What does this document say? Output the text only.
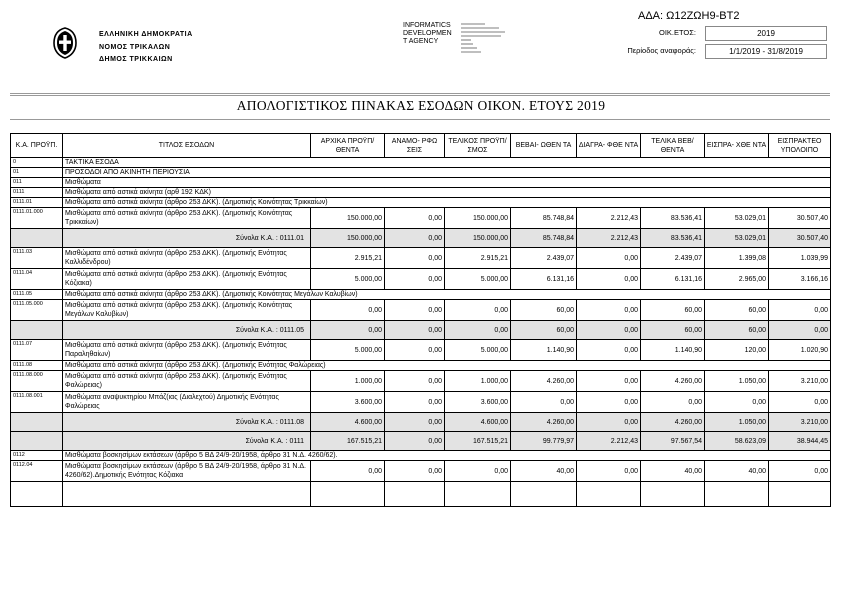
ΕΛΛΗΝΙΚΗ ΔΗΜΟΚΡΑΤΙΑ
ΝΟΜΟΣ ΤΡΙΚΑΛΩΝ
ΔΗΜΟΣ ΤΡΙΚΚΑΙΩΝ
INFORMATICS
DEVELOPMEN
T AGENCY
ΑΔΑ: Ω12ΖΩΗ9-ΒΤ2
ΟΙΚ.ΕΤΟΣ:	2019
Περίοδος αναφοράς:	1/1/2019 - 31/8/2019
ΑΠΟΛΟΓΙΣΤΙΚΟΣ ΠΙΝΑΚΑΣ ΕΣΟΔΩΝ ΟΙΚΟΝ. ΕΤΟΥΣ 2019
Κ.Α. ΠΡΟΫΠ.	ΤΙΤΛΟΣ ΕΣΟΔΩΝ	ΑΡΧΙΚΑ ΠΡΟΫΠ/ΘΕΝΤΑ	ΑΝΑΜΟ- ΡΦΩ ΣΕΙΣ	ΤΕΛΙΚΟΣ ΠΡΟΫΠ/ΣΜΟΣ	ΒΕΒΑΙ- ΩΘΕΝ ΤΑ	ΔΙΑΓΡΑ- ΦΘΕ ΝΤΑ	ΤΕΛΙΚΑ ΒΕΒ/ΘΕΝΤΑ	ΕΙΣΠΡΑ- ΧΘΕ ΝΤΑ	ΕΙΣΠΡΑΚΤΕΟ ΥΠΟΛΟΙΠΟ
0	ΤΑΚΤΙΚΑ ΕΣΟΔΑ								
01	ΠΡΟΣΟΔΟΙ ΑΠΟ ΑΚΙΝΗΤΗ ΠΕΡΙΟΥΣΙΑ								
011	Μισθώματα								
0111	Μισθώματα από αστικά ακίνητα (αρθ 192 ΚΔΚ)								
0111.01	Μισθώματα από αστικά ακίνητα (άρθρο 253 ΔΚΚ). (Δημοτικής Κοινότητας Τρικκαίων)								
0111.01.000	Μισθώματα από αστικά ακίνητα (άρθρο 253 ΔΚΚ). (Δημοτικής Κοινότητας Τρικκαίων)	150.000,00	0,00	150.000,00	85.748,84	2.212,43	83.536,41	53.029,01	30.507,40
	Σύνολα Κ.Α. : 0111.01	150.000,00	0,00	150.000,00	85.748,84	2.212,43	83.536,41	53.029,01	30.507,40
0111.03	Μισθώματα από αστικά ακίνητα (άρθρο 253 ΔΚΚ). (Δημοτικής Ενότητας Καλλιδένδρου)	2.915,21	0,00	2.915,21	2.439,07	0,00	2.439,07	1.399,08	1.039,99
0111.04	Μισθώματα από αστικά ακίνητα (άρθρο 253 ΔΚΚ). (Δημοτικής Ενότητας Κόζιακα)	5.000,00	0,00	5.000,00	6.131,16	0,00	6.131,16	2.965,00	3.166,16
0111.05	Μισθώματα από αστικά ακίνητα (άρθρο 253 ΔΚΚ). (Δημοτικής Κοινότητας Μεγάλων Καλυβίων)								
0111.05.000	Μισθώματα από αστικά ακίνητα (άρθρο 253 ΔΚΚ). (Δημοτικής Κοινότητας Μεγάλων Καλυβίων)	0,00	0,00	0,00	60,00	0,00	60,00	60,00	0,00
	Σύνολα Κ.Α. : 0111.05	0,00	0,00	0,00	60,00	0,00	60,00	60,00	0,00
0111.07	Μισθώματα από αστικά ακίνητα (άρθρο 253 ΔΚΚ). (Δημοτικής Ενότητας Παραληθαίων)	5.000,00	0,00	5.000,00	1.140,90	0,00	1.140,90	120,00	1.020,90
0111.08	Μισθώματα από αστικά ακίνητα (άρθρο 253 ΔΚΚ). (Δημοτικής Ενότητας Φαλώρειας)								
0111.08.000	Μισθώματα από αστικά ακίνητα (άρθρο 253 ΔΚΚ). (Δημοτικής Ενότητας Φαλώρειας)	1.000,00	0,00	1.000,00	4.260,00	0,00	4.260,00	1.050,00	3.210,00
0111.08.001	Μισθώματα αναψυκτηρίου Μπάζ(ιας (Διαλεχτού) Δημοτικής Ενότητας Φαλώρειας	3.600,00	0,00	3.600,00	0,00	0,00	0,00	0,00	0,00
	Σύνολα Κ.Α. : 0111.08	4.600,00	0,00	4.600,00	4.260,00	0,00	4.260,00	1.050,00	3.210,00
	Σύνολα Κ.Α. : 0111	167.515,21	0,00	167.515,21	99.779,97	2.212,43	97.567,54	58.623,09	38.944,45
0112	Μισθώματα βοσκησίμων εκτάσεων (άρθρο 5 ΒΔ 24/9-20/1958, άρθρο 31 Ν.Δ. 4260/62).								
0112.04	Μισθώματα βοσκησίμων εκτάσεων (άρθρο 5 ΒΔ 24/9-20/1958, άρθρο 31 Ν.Δ. 4260/62).Δημοτικής Ενότητας Κόζιακα	0,00	0,00	0,00	40,00	0,00	40,00	40,00	0,00
